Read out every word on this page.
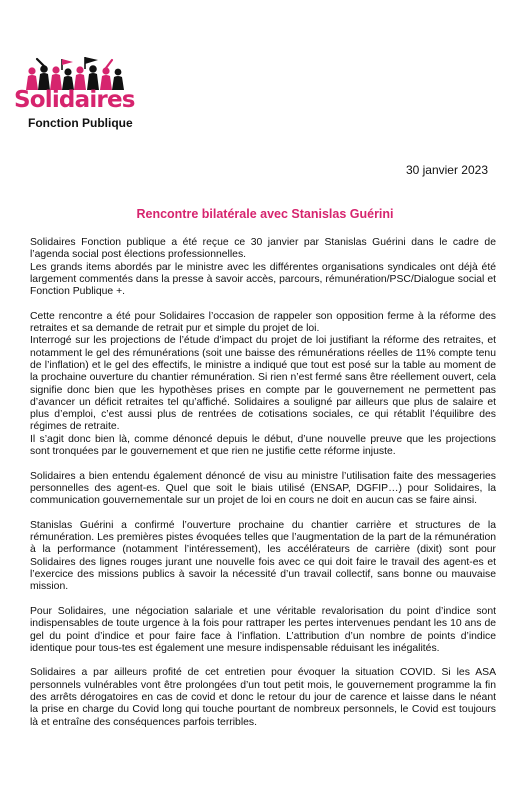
Solidaires
Fonction Publique
30 janvier 2023
Rencontre bilatérale avec Stanislas Guérini

Solidaires Fonction publique a été reçue ce 30 janvier par Stanislas Guérini dans le cadre de l’agenda social post élections professionnelles.
Les grands items abordés par le ministre avec les différentes organisations syndicales ont déjà été largement commentés dans la presse à savoir accès, parcours, rémunération/PSC/Dialogue social et Fonction Publique +.

Cette rencontre a été pour Solidaires l’occasion de rappeler son opposition ferme à la réforme des retraites et sa demande de retrait pur et simple du projet de loi.
Interrogé sur les projections de l’étude d’impact du projet de loi justifiant la réforme des retraites, et notamment le gel des rémunérations (soit une baisse des rémunérations réelles de 11% compte tenu de l’inflation) et le gel des effectifs, le ministre a indiqué que tout est posé sur la table au moment de la prochaine ouverture du chantier rémunération. Si rien n’est fermé sans être réellement ouvert, cela signifie donc bien que les hypothèses prises en compte par le gouvernement ne permettent pas d’avancer un déficit retraites tel qu’affiché. Solidaires a souligné par ailleurs que plus de salaire et plus d’emploi, c’est aussi plus de rentrées de cotisations sociales, ce qui rétablit l’équilibre des régimes de retraite.
Il s’agit donc bien là, comme dénoncé depuis le début, d’une nouvelle preuve que les projections sont tronquées par le gouvernement et que rien ne justifie cette réforme injuste.

Solidaires a bien entendu également dénoncé de visu au ministre l’utilisation faite des messageries personnelles des agent-es. Quel que soit le biais utilisé (ENSAP, DGFIP…) pour Solidaires, la communication gouvernementale sur un projet de loi en cours ne doit en aucun cas se faire ainsi.

Stanislas Guérini a confirmé l’ouverture prochaine du chantier carrière et structures de la rémunération. Les premières pistes évoquées telles que l’augmentation de la part de la rémunération à la performance (notamment l’intéressement), les accélérateurs de carrière (dixit) sont pour Solidaires des lignes rouges jurant une nouvelle fois avec ce qui doit faire le travail des agent-es et l’exercice des missions publics à savoir la nécessité d’un travail collectif, sans bonne ou mauvaise mission.

Pour Solidaires, une négociation salariale et une véritable revalorisation du point d’indice sont indispensables de toute urgence à la fois pour rattraper les pertes intervenues pendant les 10 ans de gel du point d’indice et pour faire face à l’inflation. L’attribution d’un nombre de points d’indice identique pour tous-tes est également une mesure indispensable réduisant les inégalités.

Solidaires a par ailleurs profité de cet entretien pour évoquer la situation COVID. Si les ASA personnels vulnérables vont être prolongées d’un tout petit mois, le gouvernement programme la fin des arrêts dérogatoires en cas de covid et donc le retour du jour de carence et laisse dans le néant la prise en charge du Covid long qui touche pourtant de nombreux personnels, le Covid est toujours là et entraîne des conséquences parfois terribles.
